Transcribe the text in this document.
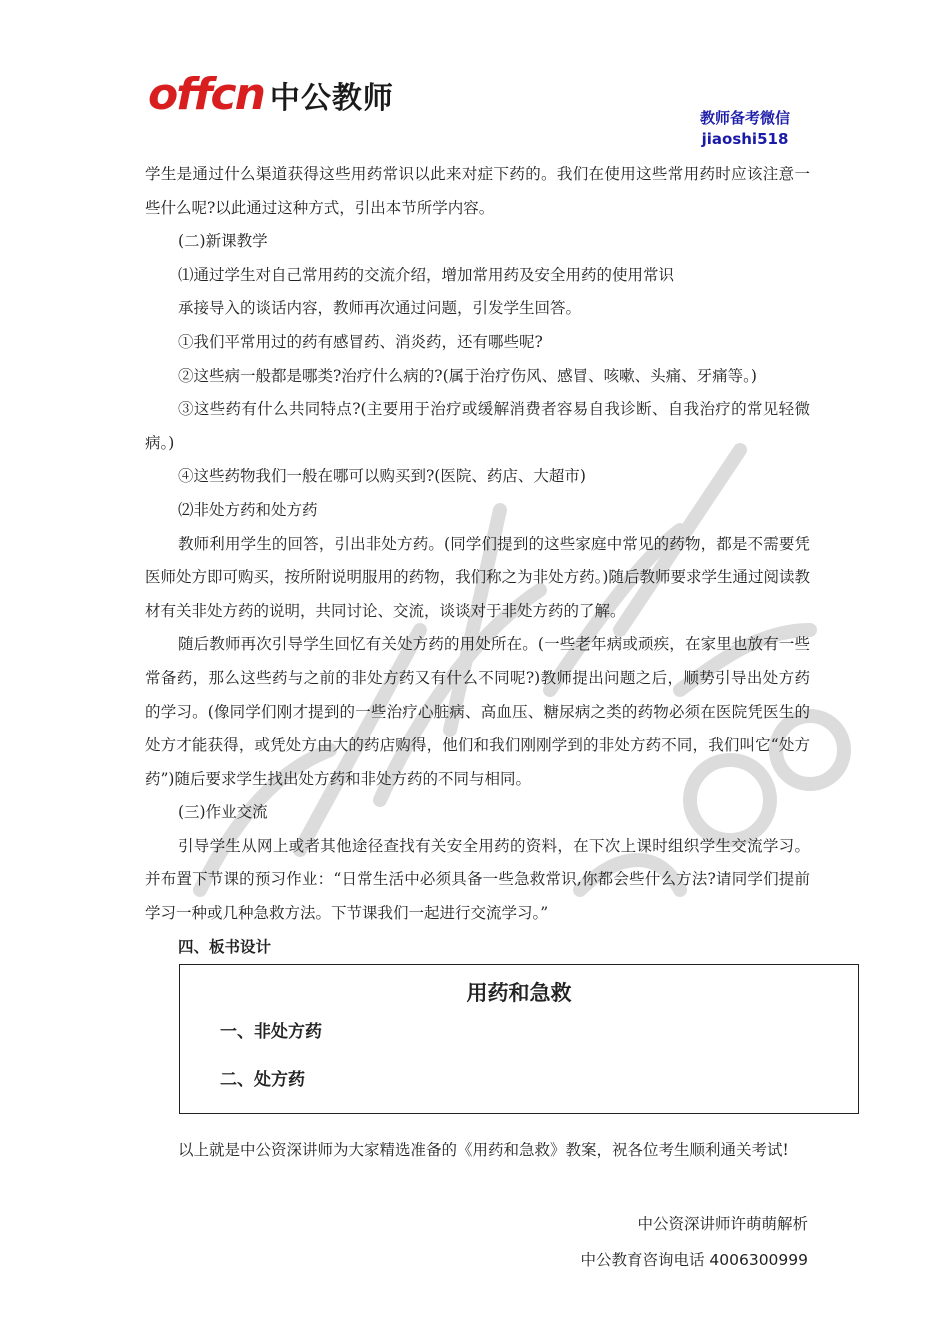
offcn 中公教师
教师备考微信
jiaoshi518

学生是通过什么渠道获得这些用药常识以此来对症下药的。我们在使用这些常用药时应该注意一些什么呢?以此通过这种方式，引出本节所学内容。

(二)新课教学

⑴通过学生对自己常用药的交流介绍，增加常用药及安全用药的使用常识

承接导入的谈话内容，教师再次通过问题，引发学生回答。

①我们平常用过的药有感冒药、消炎药，还有哪些呢?

②这些病一般都是哪类?治疗什么病的?(属于治疗伤风、感冒、咳嗽、头痛、牙痛等。)

③这些药有什么共同特点?(主要用于治疗或缓解消费者容易自我诊断、自我治疗的常见轻微病。)

④这些药物我们一般在哪可以购买到?(医院、药店、大超市)

⑵非处方药和处方药

教师利用学生的回答，引出非处方药。(同学们提到的这些家庭中常见的药物，都是不需要凭医师处方即可购买，按所附说明服用的药物，我们称之为非处方药。)随后教师要求学生通过阅读教材有关非处方药的说明，共同讨论、交流，谈谈对于非处方药的了解。

随后教师再次引导学生回忆有关处方药的用处所在。(一些老年病或顽疾，在家里也放有一些常备药，那么这些药与之前的非处方药又有什么不同呢?)教师提出问题之后，顺势引导出处方药的学习。(像同学们刚才提到的一些治疗心脏病、高血压、糖尿病之类的药物必须在医院凭医生的处方才能获得，或凭处方由大的药店购得，他们和我们刚刚学到的非处方药不同，我们叫它“处方药”)随后要求学生找出处方药和非处方药的不同与相同。

(三)作业交流

引导学生从网上或者其他途径查找有关安全用药的资料，在下次上课时组织学生交流学习。并布置下节课的预习作业：“日常生活中必须具备一些急救常识,你都会些什么方法?请同学们提前学习一种或几种急救方法。下节课我们一起进行交流学习。”

四、板书设计

用药和急救
一、非处方药
二、处方药

以上就是中公资深讲师为大家精选准备的《用药和急救》教案，祝各位考生顺利通关考试!

中公资深讲师许萌萌解析
中公教育咨询电话 4006300999
